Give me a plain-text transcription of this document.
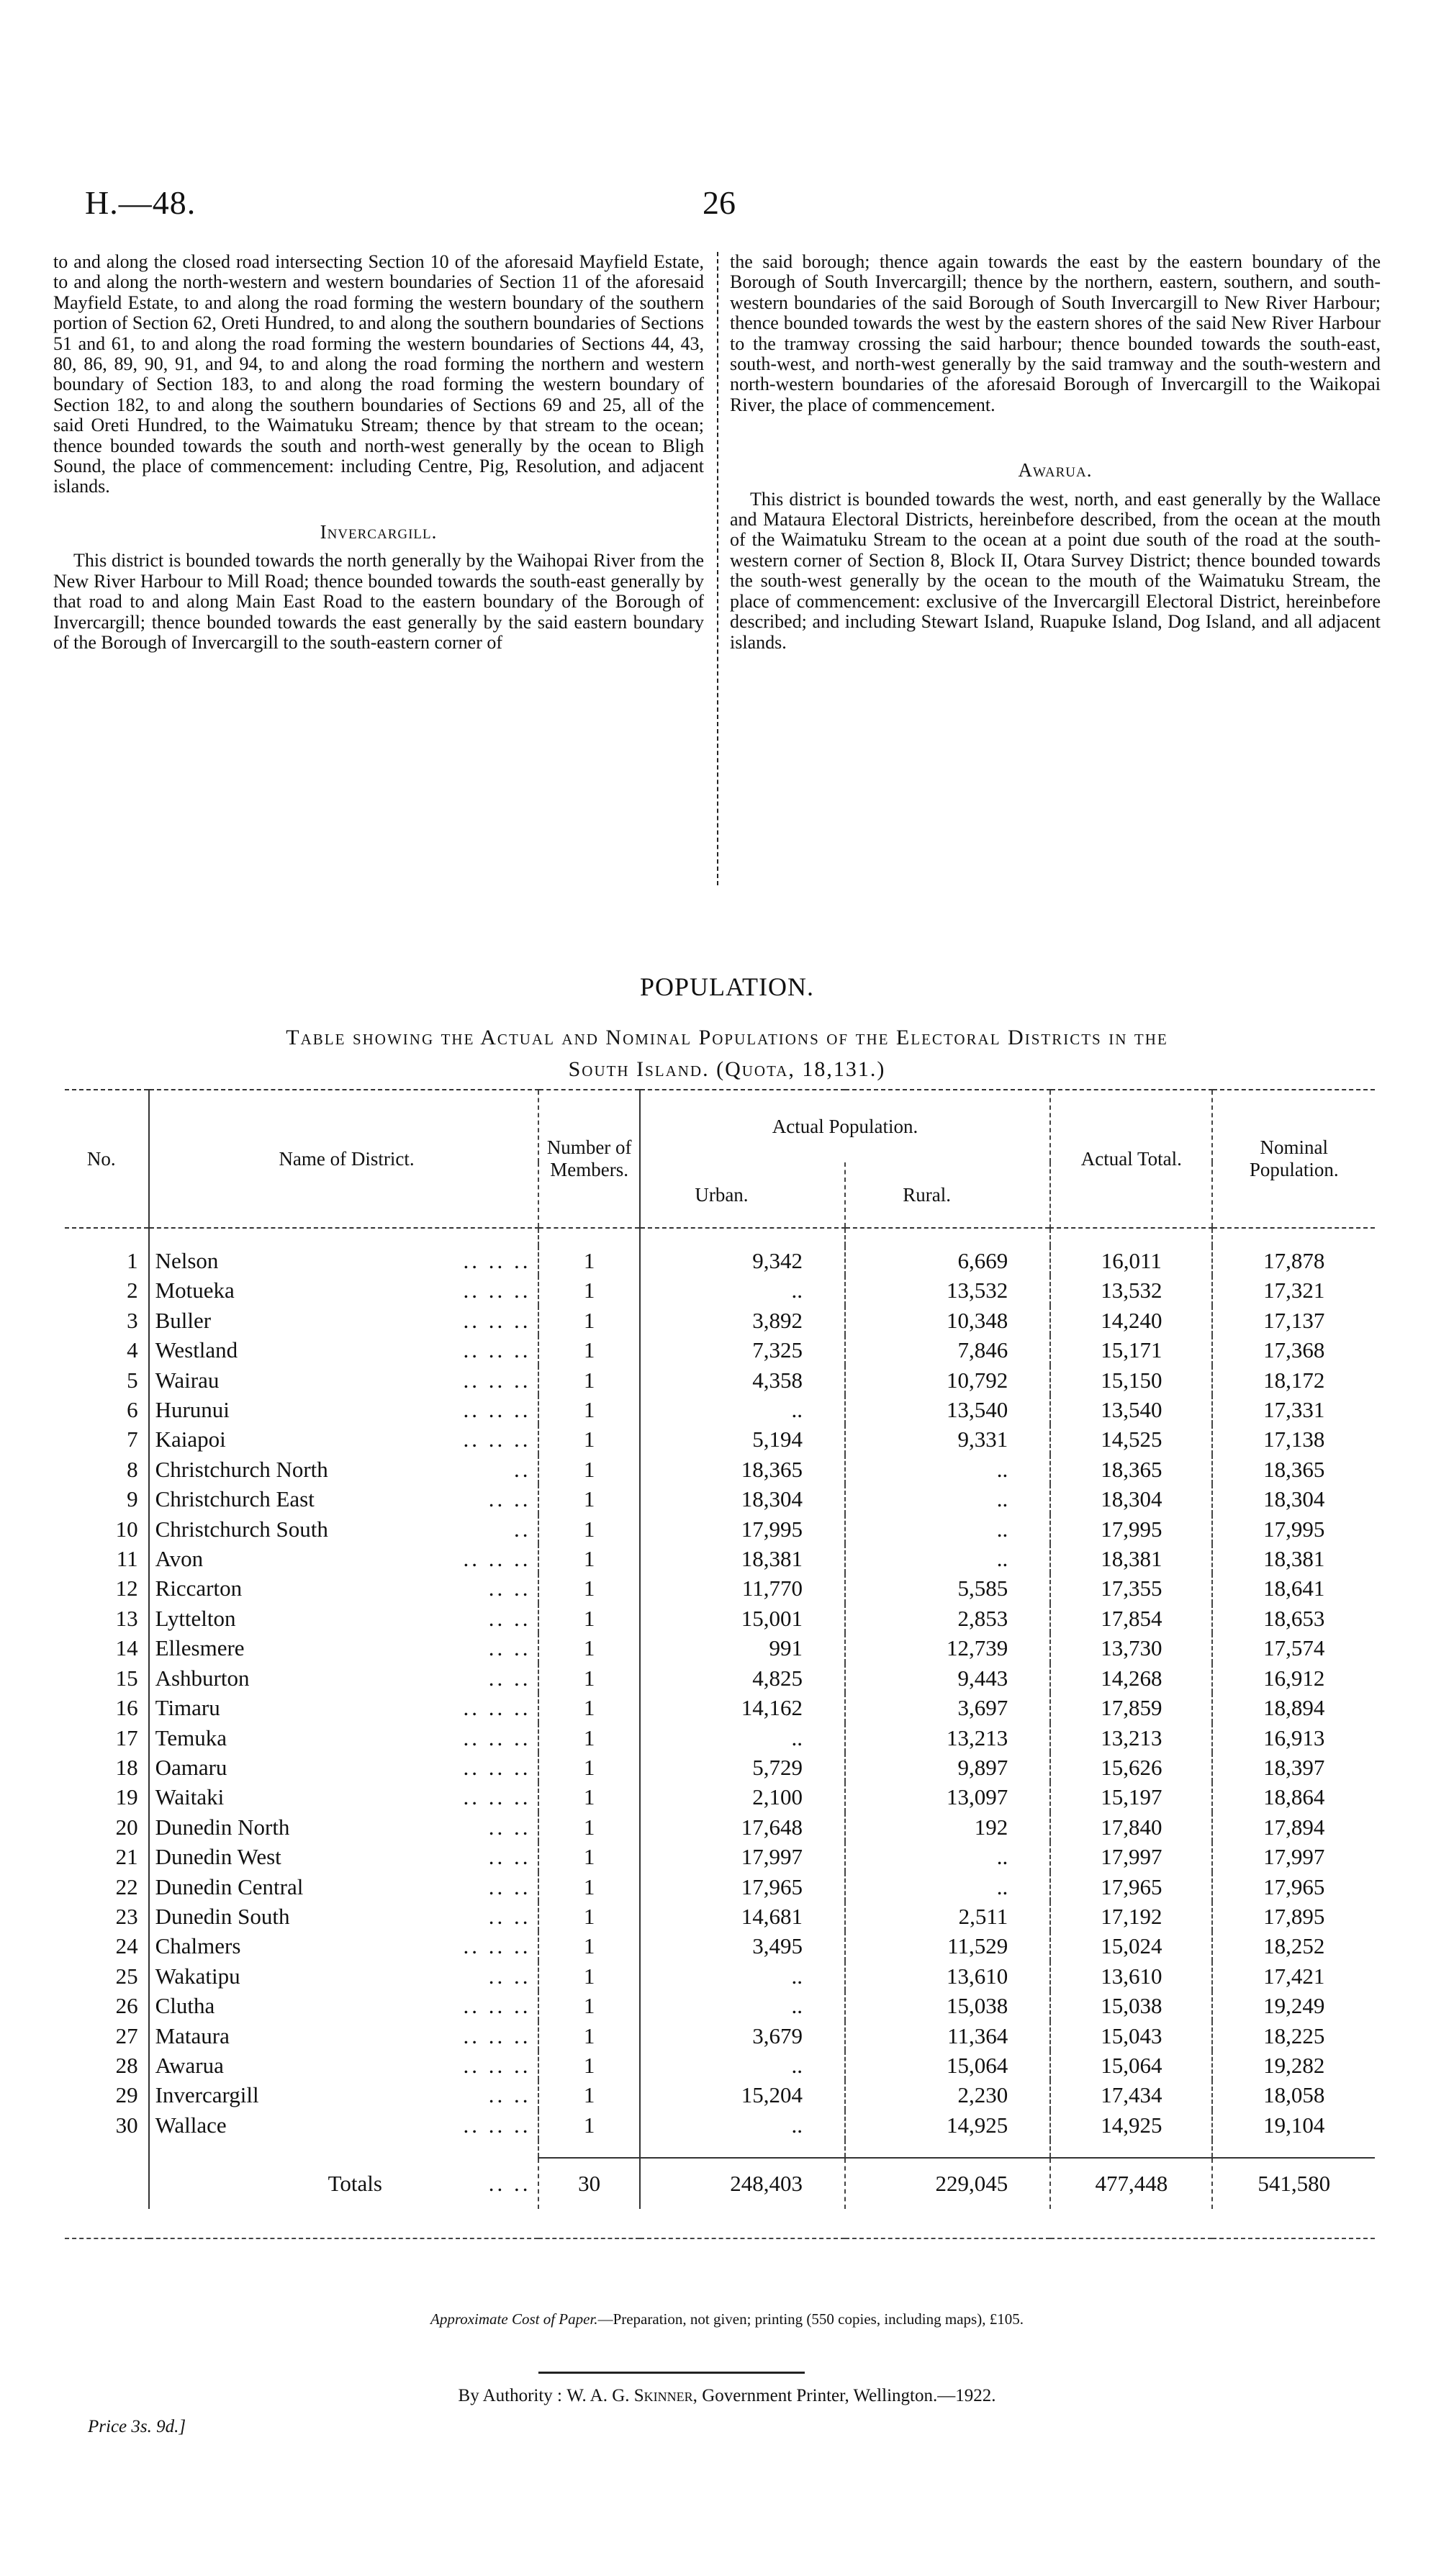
H.—48.	26

to and along the closed road intersecting Section 10 of the aforesaid Mayfield Estate, to and along the north-western and western boundaries of Section 11 of the aforesaid Mayfield Estate, to and along the road forming the western boundary of the southern portion of Section 62, Oreti Hundred, to and along the southern boundaries of Sections 51 and 61, to and along the road forming the western boundaries of Sections 44, 43, 80, 86, 89, 90, 91, and 94, to and along the road forming the northern and western boundary of Section 183, to and along the road forming the western boundary of Section 182, to and along the southern boundaries of Sections 69 and 25, all of the said Oreti Hundred, to the Waimatuku Stream; thence by that stream to the ocean; thence bounded towards the south and north-west generally by the ocean to Bligh Sound, the place of commencement: including Centre, Pig, Resolution, and adjacent islands.

Invercargill.

This district is bounded towards the north generally by the Waihopai River from the New River Harbour to Mill Road; thence bounded towards the south-east generally by that road to and along Main East Road to the eastern boundary of the Borough of Invercargill; thence bounded towards the east generally by the said eastern boundary of the Borough of Invercargill to the south-eastern corner of

the said borough; thence again towards the east by the eastern boundary of the Borough of South Invercargill; thence by the northern, eastern, southern, and south-western boundaries of the said Borough of South Invercargill to New River Harbour; thence bounded towards the west by the eastern shores of the said New River Harbour to the tramway crossing the said harbour; thence bounded towards the south-east, south-west, and north-west generally by the said tramway and the south-western and north-western boundaries of the aforesaid Borough of Invercargill to the Waikopai River, the place of commencement.

Awarua.

This district is bounded towards the west, north, and east generally by the Wallace and Mataura Electoral Districts, hereinbefore described, from the ocean at the mouth of the Waimatuku Stream to the ocean at a point due south of the road at the south-western corner of Section 8, Block II, Otara Survey District; thence bounded towards the south-west generally by the ocean to the mouth of the Waimatuku Stream, the place of commencement: exclusive of the Invercargill Electoral District, hereinbefore described; and including Stewart Island, Ruapuke Island, Dog Island, and all adjacent islands.

POPULATION.
Table showing the Actual and Nominal Populations of the Electoral Districts in the
South Island. (Quota, 18,131.)
No.	Name of District.	Number of Members.	Actual Population.		Actual Total.	Nominal Population.
			Urban.	Rural.		

1	Nelson .. .. ..	1	9,342	6,669	16,011	17,878
2	Motueka .. .. ..	1	..	13,532	13,532	17,321
3	Buller .. .. ..	1	3,892	10,348	14,240	17,137
4	Westland .. .. ..	1	7,325	7,846	15,171	17,368
5	Wairau .. .. ..	1	4,358	10,792	15,150	18,172
6	Hurunui .. .. ..	1	..	13,540	13,540	17,331
7	Kaiapoi .. .. ..	1	5,194	9,331	14,525	17,138
8	Christchurch North ..	1	18,365	..	18,365	18,365
9	Christchurch East .. ..	1	18,304	..	18,304	18,304
10	Christchurch South ..	1	17,995	..	17,995	17,995
11	Avon .. .. ..	1	18,381	..	18,381	18,381
12	Riccarton .. ..	1	11,770	5,585	17,355	18,641
13	Lyttelton .. ..	1	15,001	2,853	17,854	18,653
14	Ellesmere .. ..	1	991	12,739	13,730	17,574
15	Ashburton .. ..	1	4,825	9,443	14,268	16,912
16	Timaru .. .. ..	1	14,162	3,697	17,859	18,894
17	Temuka .. .. ..	1	..	13,213	13,213	16,913
18	Oamaru .. .. ..	1	5,729	9,897	15,626	18,397
19	Waitaki .. .. ..	1	2,100	13,097	15,197	18,864
20	Dunedin North .. ..	1	17,648	192	17,840	17,894
21	Dunedin West .. ..	1	17,997	..	17,997	17,997
22	Dunedin Central .. ..	1	17,965	..	17,965	17,965
23	Dunedin South .. ..	1	14,681	2,511	17,192	17,895
24	Chalmers .. .. ..	1	3,495	11,529	15,024	18,252
25	Wakatipu .. ..	1	..	13,610	13,610	17,421
26	Clutha .. .. ..	1	..	15,038	15,038	19,249
27	Mataura .. .. ..	1	3,679	11,364	15,043	18,225
28	Awarua .. .. ..	1	..	15,064	15,064	19,282
29	Invercargill .. ..	1	15,204	2,230	17,434	18,058
30	Wallace .. .. ..	1	..	14,925	14,925	19,104

	Totals .. ..	30	248,403	229,045	477,448	541,580

Approximate Cost of Paper.—Preparation, not given; printing (550 copies, including maps), £105.
By Authority : W. A. G. Skinner, Government Printer, Wellington.—1922.
Price 3s. 9d.]
